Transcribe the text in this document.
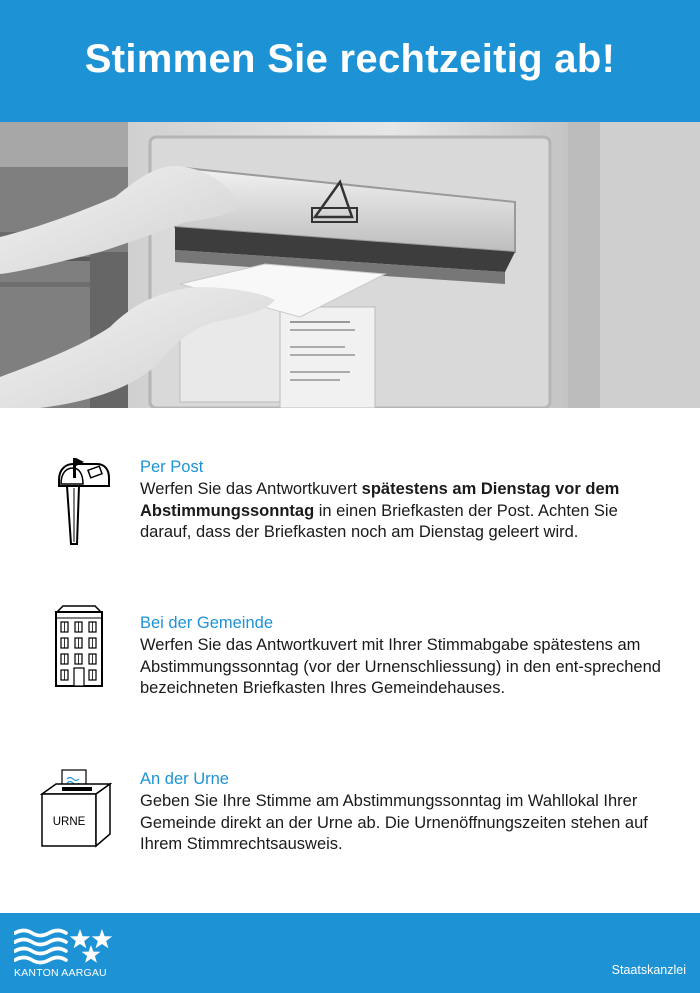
Stimmen Sie rechtzeitig ab!
Per Post
Werfen Sie das Antwortkuvert spätestens am Dienstag vor dem Abstimmungssonntag in einen Briefkasten der Post. Achten Sie darauf, dass der Briefkasten noch am Dienstag geleert wird.
Bei der Gemeinde
Werfen Sie das Antwortkuvert mit Ihrer Stimmabgabe spätestens am Abstimmungssonntag (vor der Urnenschliessung) in den ent-sprechend bezeichneten Briefkasten Ihres Gemeindehauses.
URNE
An der Urne
Geben Sie Ihre Stimme am Abstimmungssonntag im Wahllokal Ihrer Gemeinde direkt an der Urne ab. Die Urnenöffnungszeiten stehen auf Ihrem Stimmrechtsausweis.
KANTON AARGAU	Staatskanzlei
